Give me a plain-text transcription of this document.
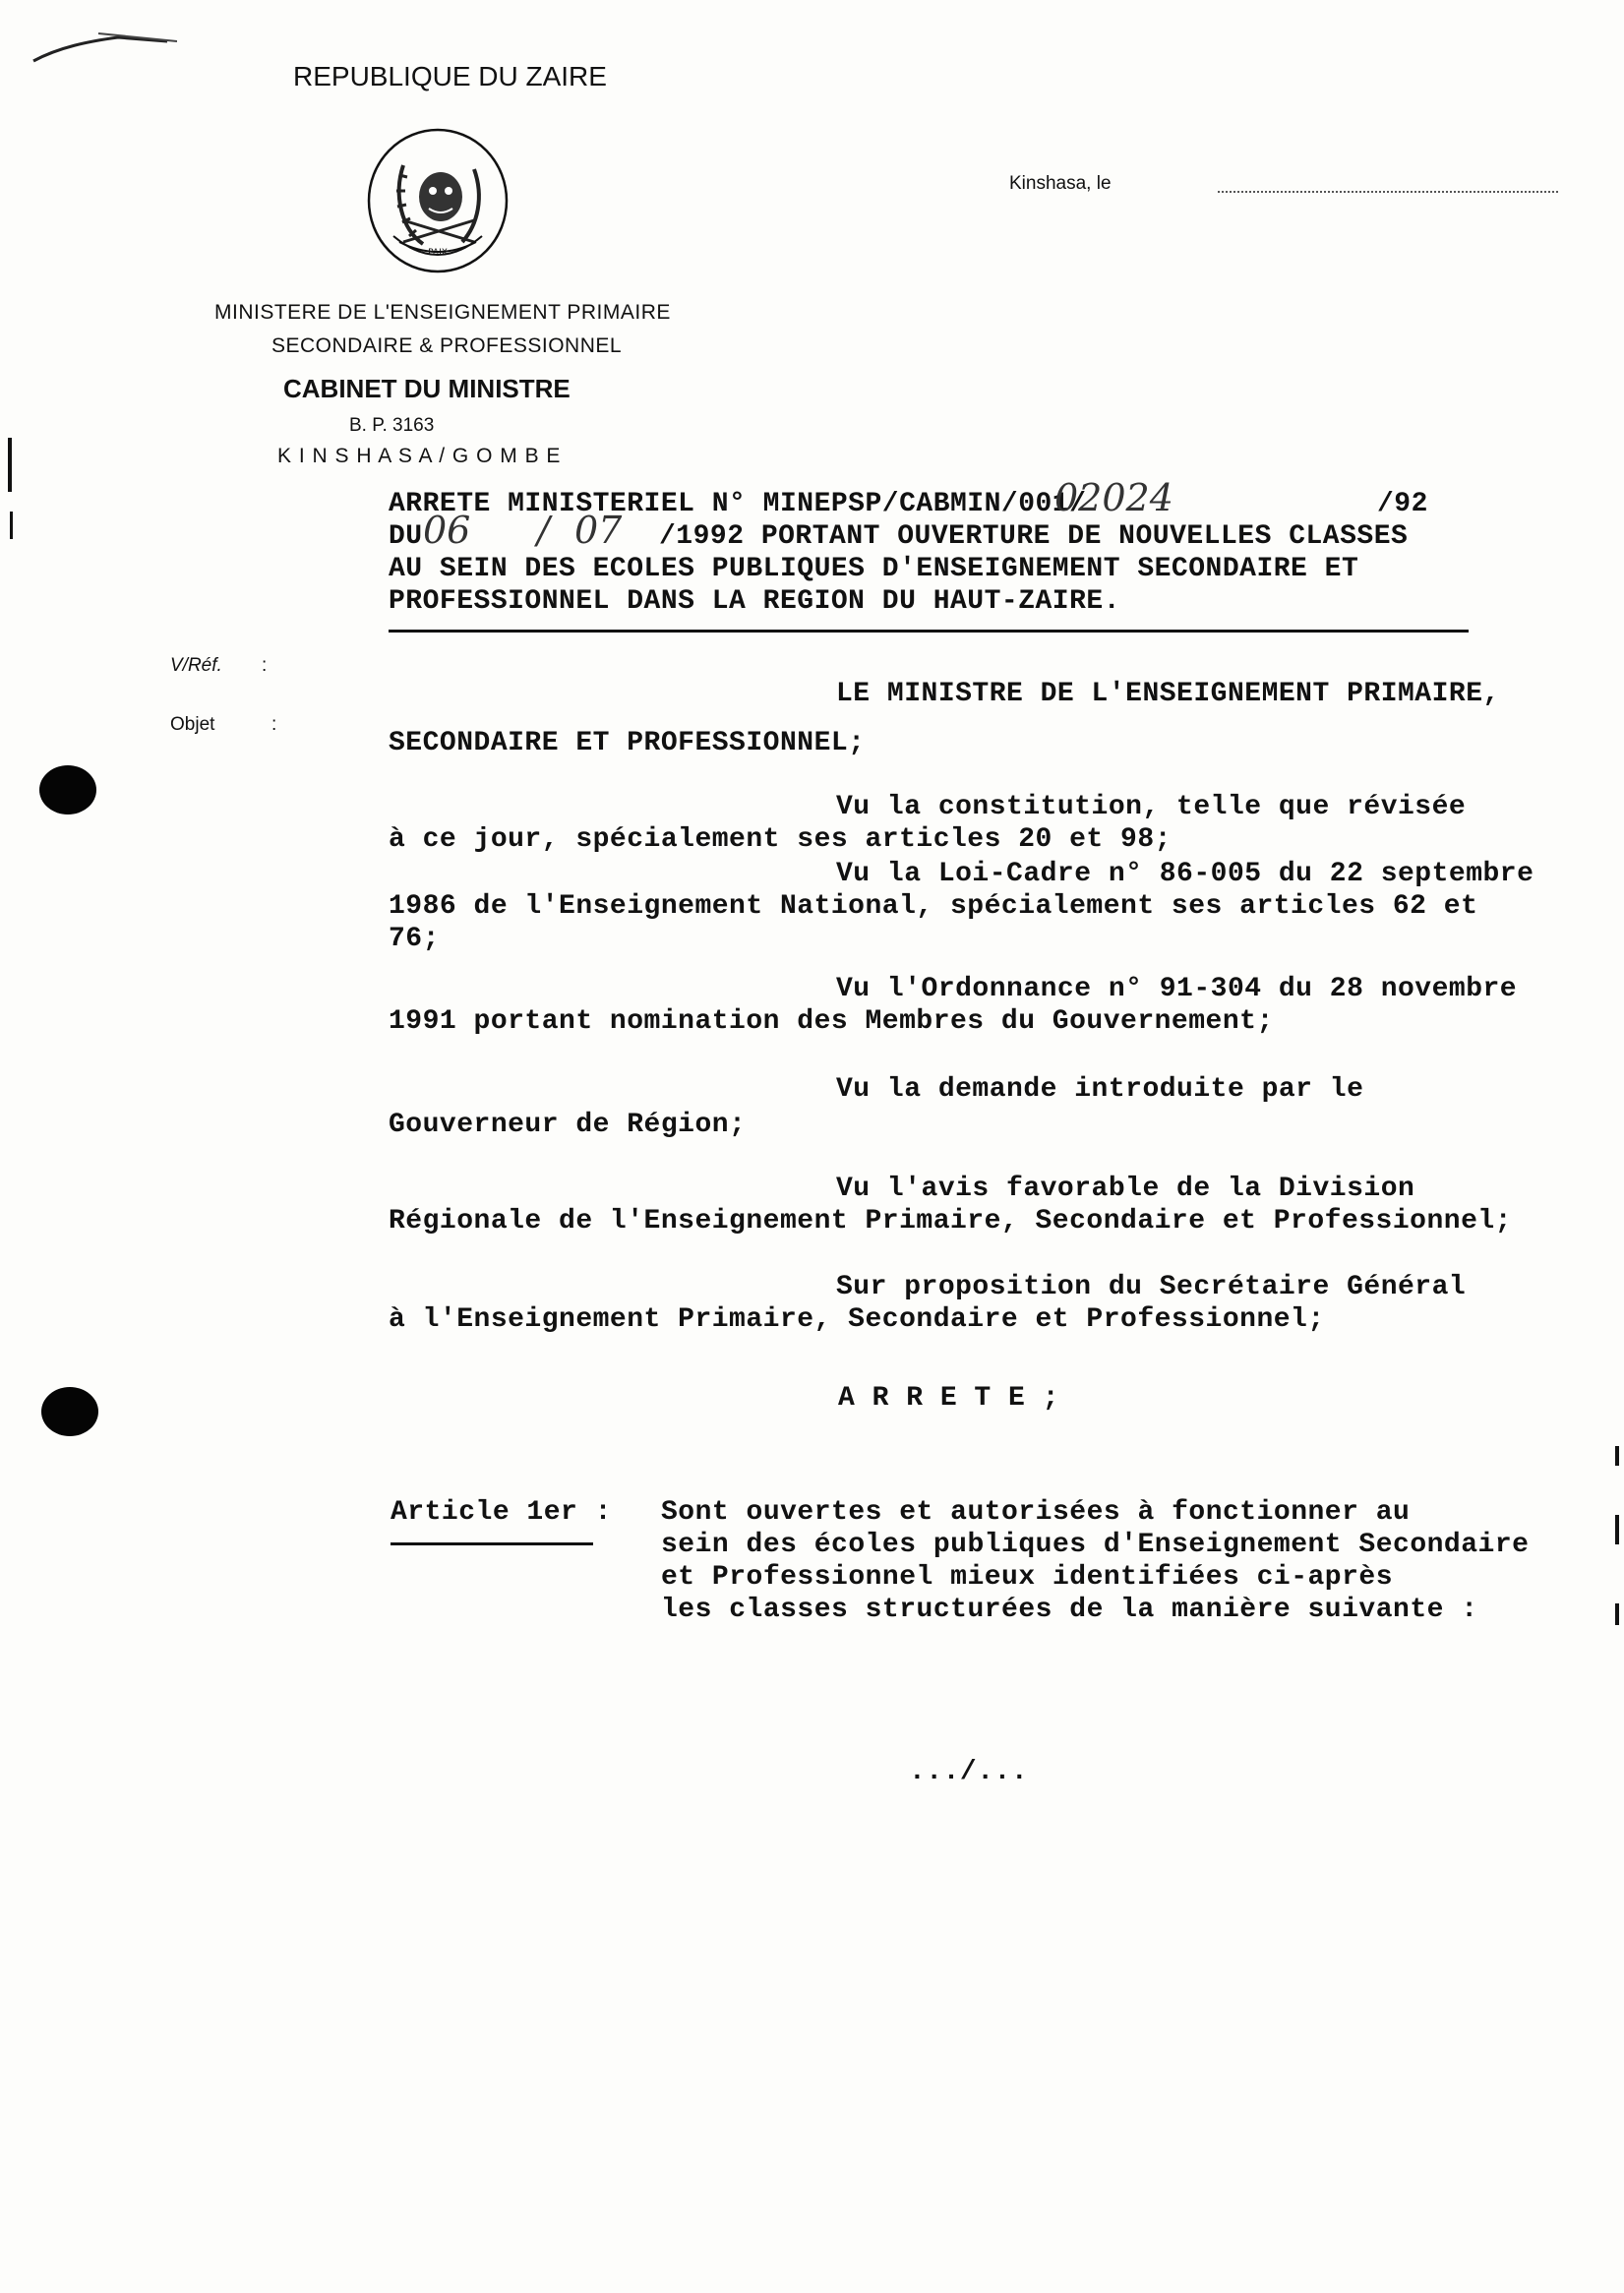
REPUBLIQUE DU ZAIRE
PAIX
MINISTERE DE L'ENSEIGNEMENT PRIMAIRE
SECONDAIRE & PROFESSIONNEL
CABINET DU MINISTRE
B. P. 3163
K I N S H A S A / G O M B E
Kinshasa, le
ARRETE MINISTERIEL N° MINEPSP/CABMIN/001/
02024	/92
DU 06 / 07 /1992 PORTANT OUVERTURE DE NOUVELLES CLASSES
AU SEIN DES ECOLES PUBLIQUES D'ENSEIGNEMENT SECONDAIRE ET
PROFESSIONNEL DANS LA REGION DU HAUT-ZAIRE.
V/Réf. :
Objet	:
LE MINISTRE DE L'ENSEIGNEMENT PRIMAIRE,
SECONDAIRE ET PROFESSIONNEL;
Vu la constitution, telle que révisée
à ce jour, spécialement ses articles 20 et 98;
Vu la Loi-Cadre n° 86-005 du 22 septembre
1986 de l'Enseignement National, spécialement ses articles 62 et
76;
Vu l'Ordonnance n° 91-304 du 28 novembre
1991 portant nomination des Membres du Gouvernement;
Vu la demande introduite par le
Gouverneur de Région;
Vu l'avis favorable de la Division
Régionale de l'Enseignement Primaire, Secondaire et Professionnel;
Sur proposition du Secrétaire Général
à l'Enseignement Primaire, Secondaire et Professionnel;
A R R E T E ;
Article 1er : Sont ouvertes et autorisées à fonctionner au
sein des écoles publiques d'Enseignement Secondaire
et Professionnel mieux identifiées ci-après
les classes structurées de la manière suivante :
.../...
